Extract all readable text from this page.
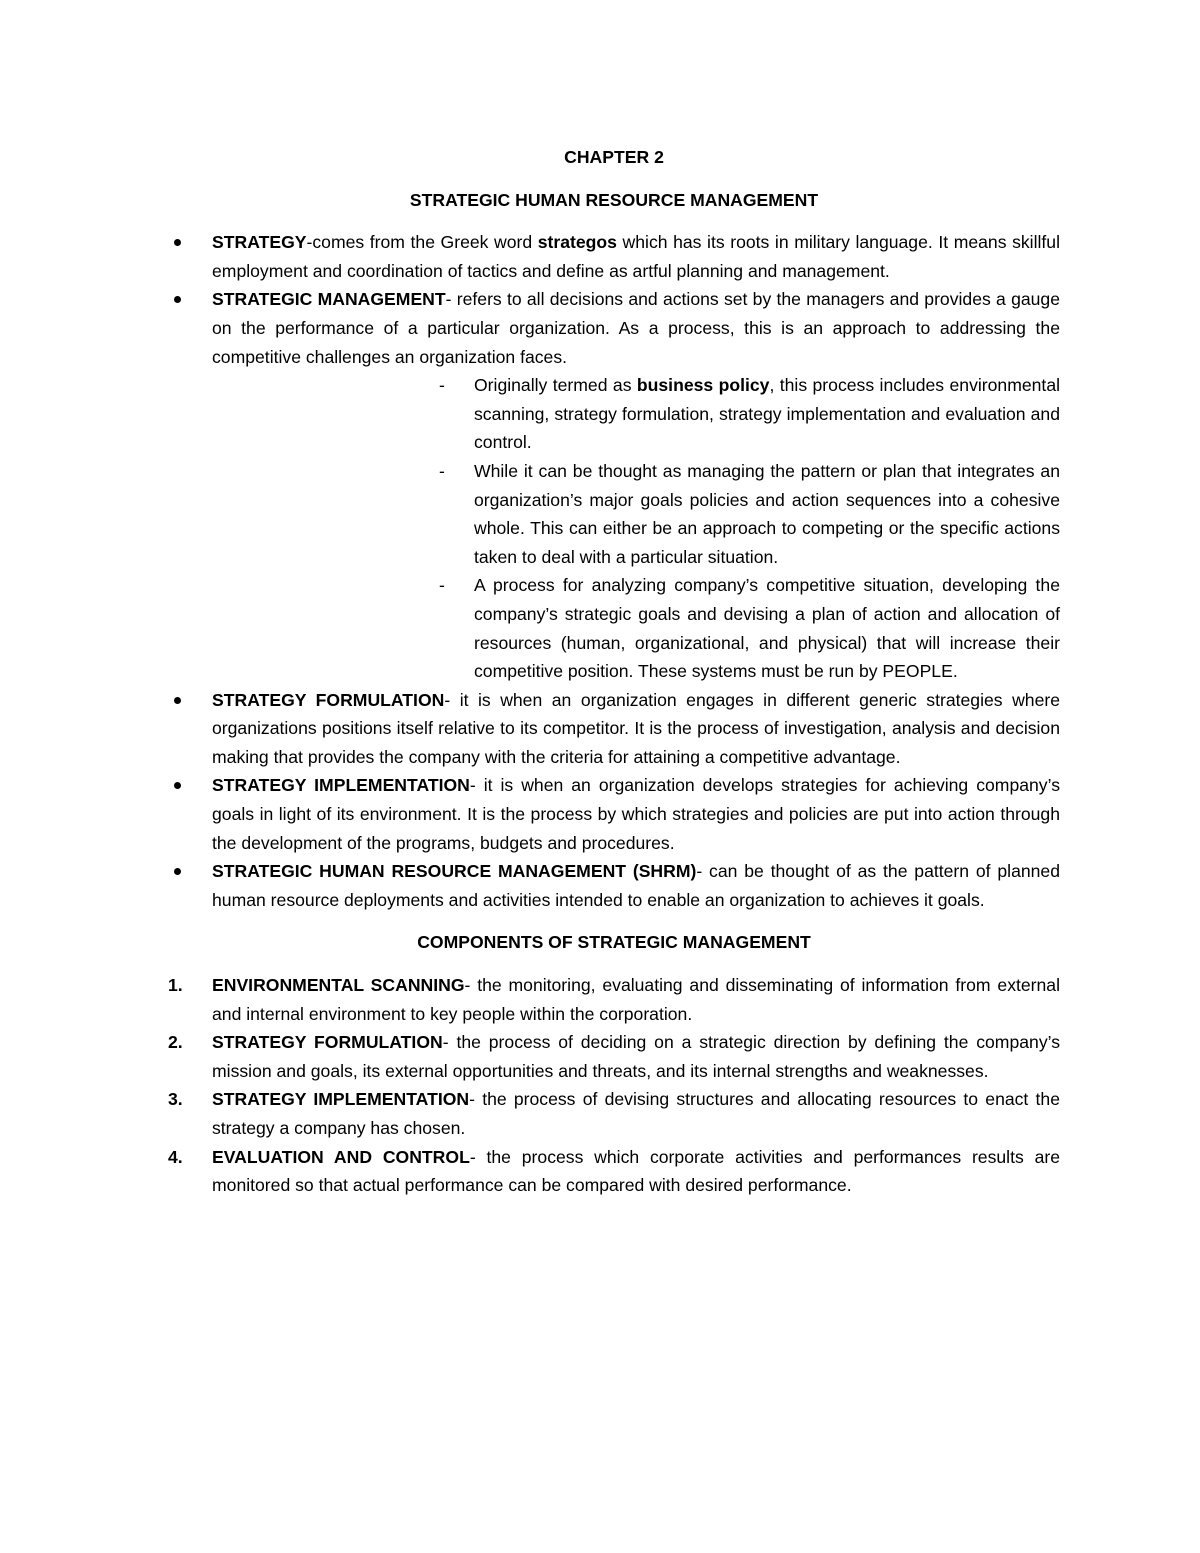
CHAPTER 2

STRATEGIC HUMAN RESOURCE MANAGEMENT

STRATEGY-comes from the Greek word strategos which has its roots in military language. It means skillful employment and coordination of tactics and define as artful planning and management.
STRATEGIC MANAGEMENT- refers to all decisions and actions set by the managers and provides a gauge on the performance of a particular organization. As a process, this is an approach to addressing the competitive challenges an organization faces.
- Originally termed as business policy, this process includes environmental scanning, strategy formulation, strategy implementation and evaluation and control.
- While it can be thought as managing the pattern or plan that integrates an organization’s major goals policies and action sequences into a cohesive whole. This can either be an approach to competing or the specific actions taken to deal with a particular situation.
- A process for analyzing company’s competitive situation, developing the company’s strategic goals and devising a plan of action and allocation of resources (human, organizational, and physical) that will increase their competitive position. These systems must be run by PEOPLE.
STRATEGY FORMULATION- it is when an organization engages in different generic strategies where organizations positions itself relative to its competitor. It is the process of investigation, analysis and decision making that provides the company with the criteria for attaining a competitive advantage.
STRATEGY IMPLEMENTATION- it is when an organization develops strategies for achieving company’s goals in light of its environment. It is the process by which strategies and policies are put into action through the development of the programs, budgets and procedures.
STRATEGIC HUMAN RESOURCE MANAGEMENT (SHRM)- can be thought of as the pattern of planned human resource deployments and activities intended to enable an organization to achieves it goals.

COMPONENTS OF STRATEGIC MANAGEMENT

1. ENVIRONMENTAL SCANNING- the monitoring, evaluating and disseminating of information from external and internal environment to key people within the corporation.
2. STRATEGY FORMULATION- the process of deciding on a strategic direction by defining the company’s mission and goals, its external opportunities and threats, and its internal strengths and weaknesses.
3. STRATEGY IMPLEMENTATION- the process of devising structures and allocating resources to enact the strategy a company has chosen.
4. EVALUATION AND CONTROL- the process which corporate activities and performances results are monitored so that actual performance can be compared with desired performance.
